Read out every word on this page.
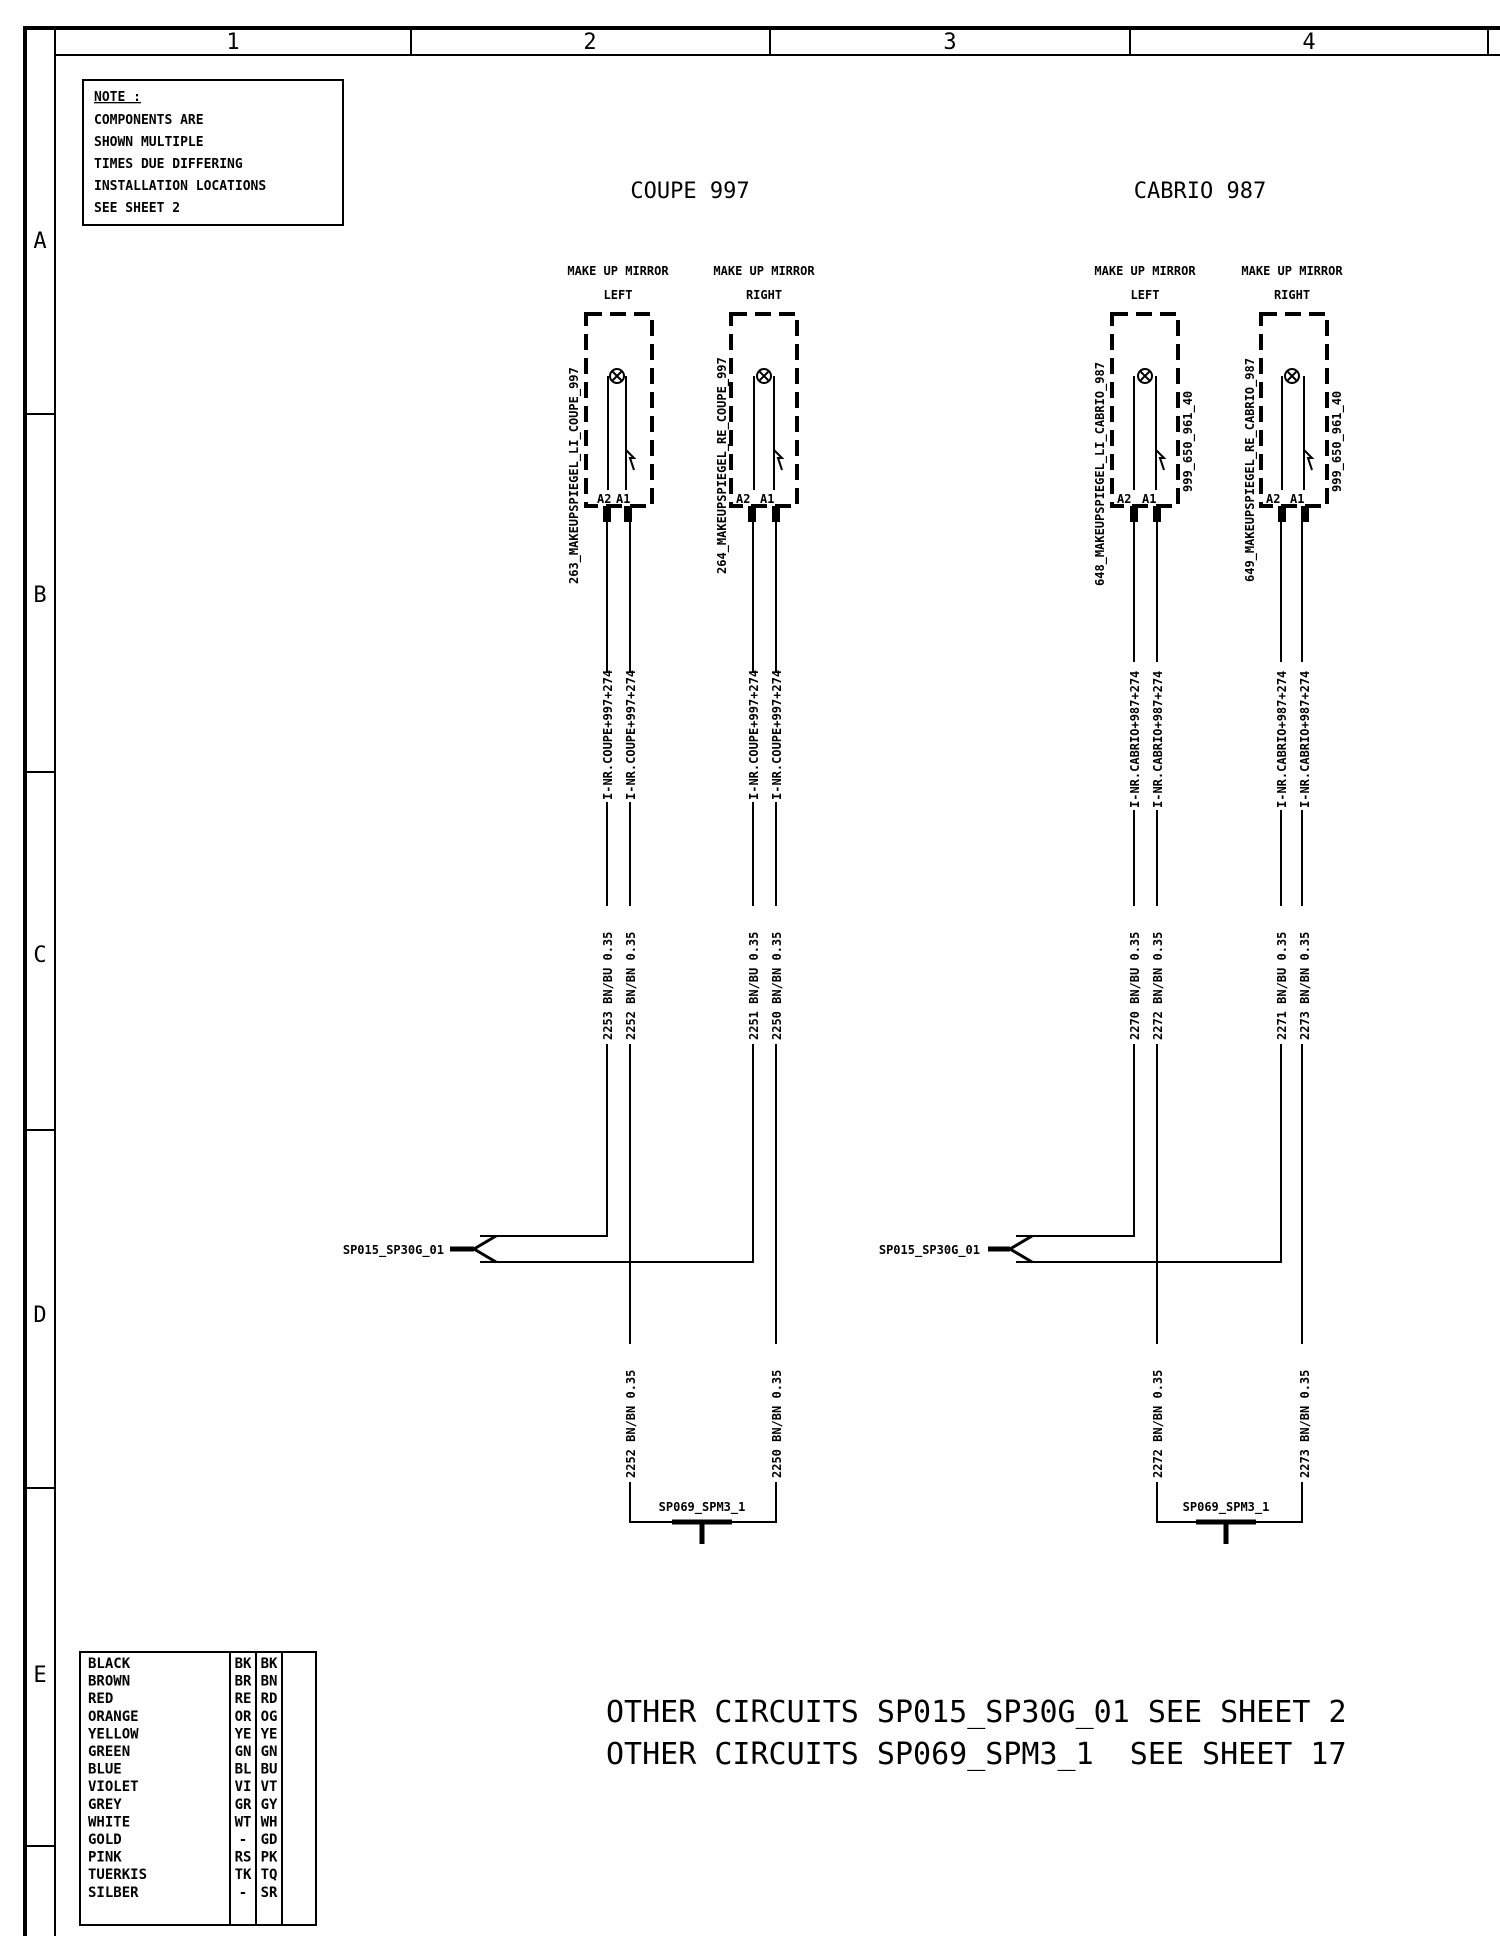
1	2	3	4
A
B
C
D
E
NOTE :
COMPONENTS ARE
SHOWN MULTIPLE
TIMES DUE DIFFERING
INSTALLATION LOCATIONS
SEE SHEET 2
COUPE 997	CABRIO 987
MAKE UP MIRROR
LEFT
MAKE UP MIRROR
RIGHT
MAKE UP MIRROR
LEFT
MAKE UP MIRROR
RIGHT
A2 A1	A2 A1	A2 A1	A2 A1
263_MAKEUPSPIEGEL_LI_COUPE_997	264_MAKEUPSPIEGEL_RE_COUPE_997	648_MAKEUPSPIEGEL_LI_CABRIO_987	649_MAKEUPSPIEGEL_RE_CABRIO_987
999_650_961_40	999_650_961_40
I-NR.COUPE+997+274 I-NR.COUPE+997+274	I-NR.COUPE+997+274 I-NR.COUPE+997+274	I-NR.CABRIO+987+274 I-NR.CABRIO+987+274	I-NR.CABRIO+987+274 I-NR.CABRIO+987+274
2253 BN/BU 0.35 2252 BN/BN 0.35	2251 BN/BU 0.35 2250 BN/BN 0.35	2270 BN/BU 0.35 2272 BN/BN 0.35	2271 BN/BU 0.35 2273 BN/BN 0.35
2252 BN/BN 0.35	2250 BN/BN 0.35	2272 BN/BN 0.35	2273 BN/BN 0.35
SP015_SP30G_01	SP015_SP30G_01
SP069_SPM3_1	SP069_SPM3_1
OTHER CIRCUITS SP015_SP30G_01 SEE SHEET 2
OTHER CIRCUITS SP069_SPM3_1  SEE SHEET 17
BLACK	BK BK
BROWN	BR BN
RED	RE RD
ORANGE	OR OG
YELLOW	YE YE
GREEN	GN GN
BLUE	BL BU
VIOLET	VI VT
GREY	GR GY
WHITE	WT WH
GOLD	- GD
PINK	RS PK
TUERKIS	TK TQ
SILBER	- SR
